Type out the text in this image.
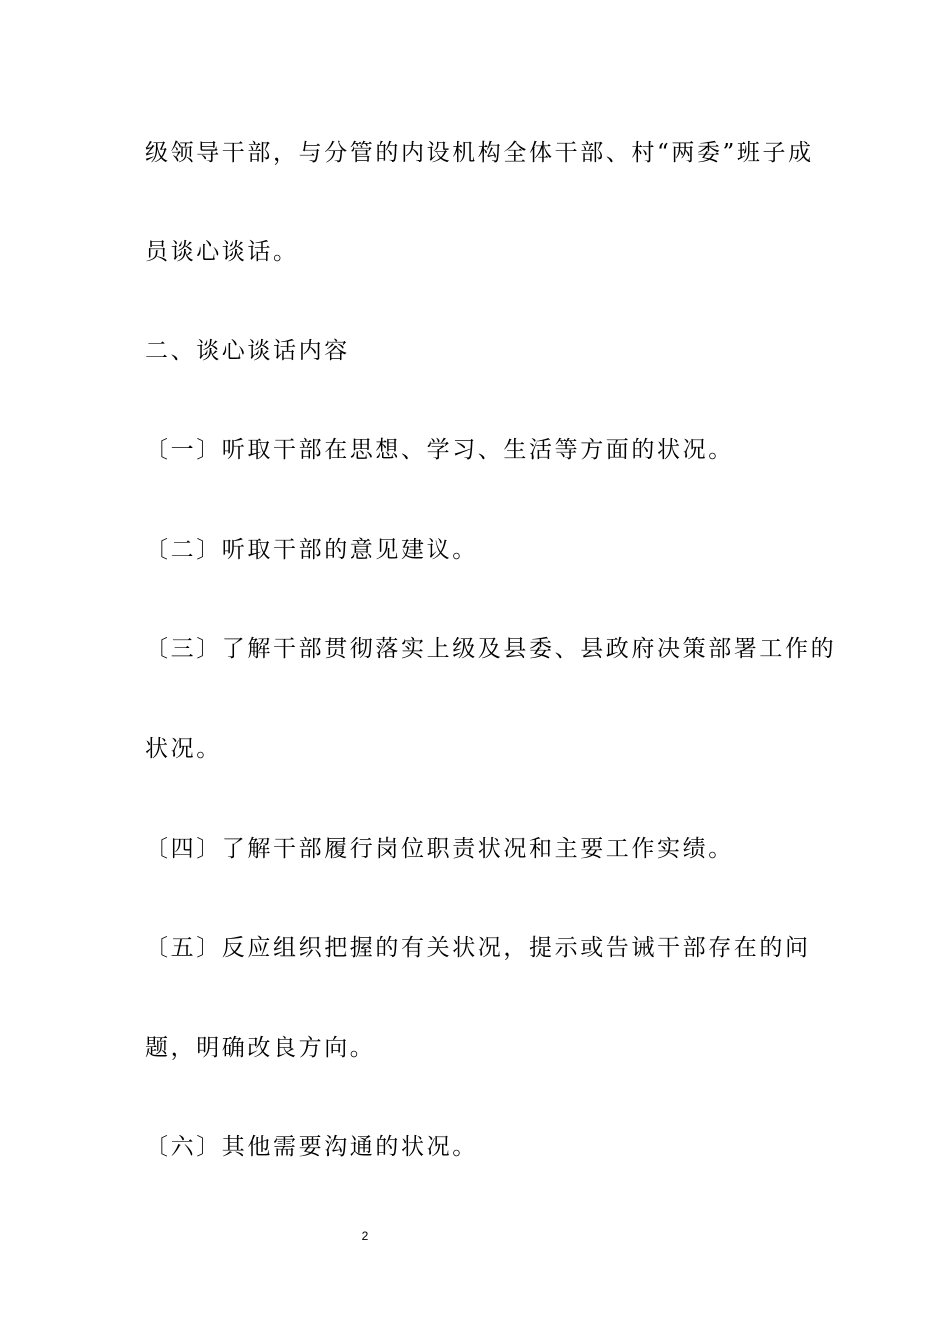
级领导干部，与分管的内设机构全体干部、村“两委”班子成
员谈心谈话。
二、谈心谈话内容
〔一〕听取干部在思想、学习、生活等方面的状况。
〔二〕听取干部的意见建议。
〔三〕了解干部贯彻落实上级及县委、县政府决策部署工作的
状况。
〔四〕了解干部履行岗位职责状况和主要工作实绩。
〔五〕反应组织把握的有关状况，提示或告诫干部存在的问
题，明确改良方向。
〔六〕其他需要沟通的状况。
2
